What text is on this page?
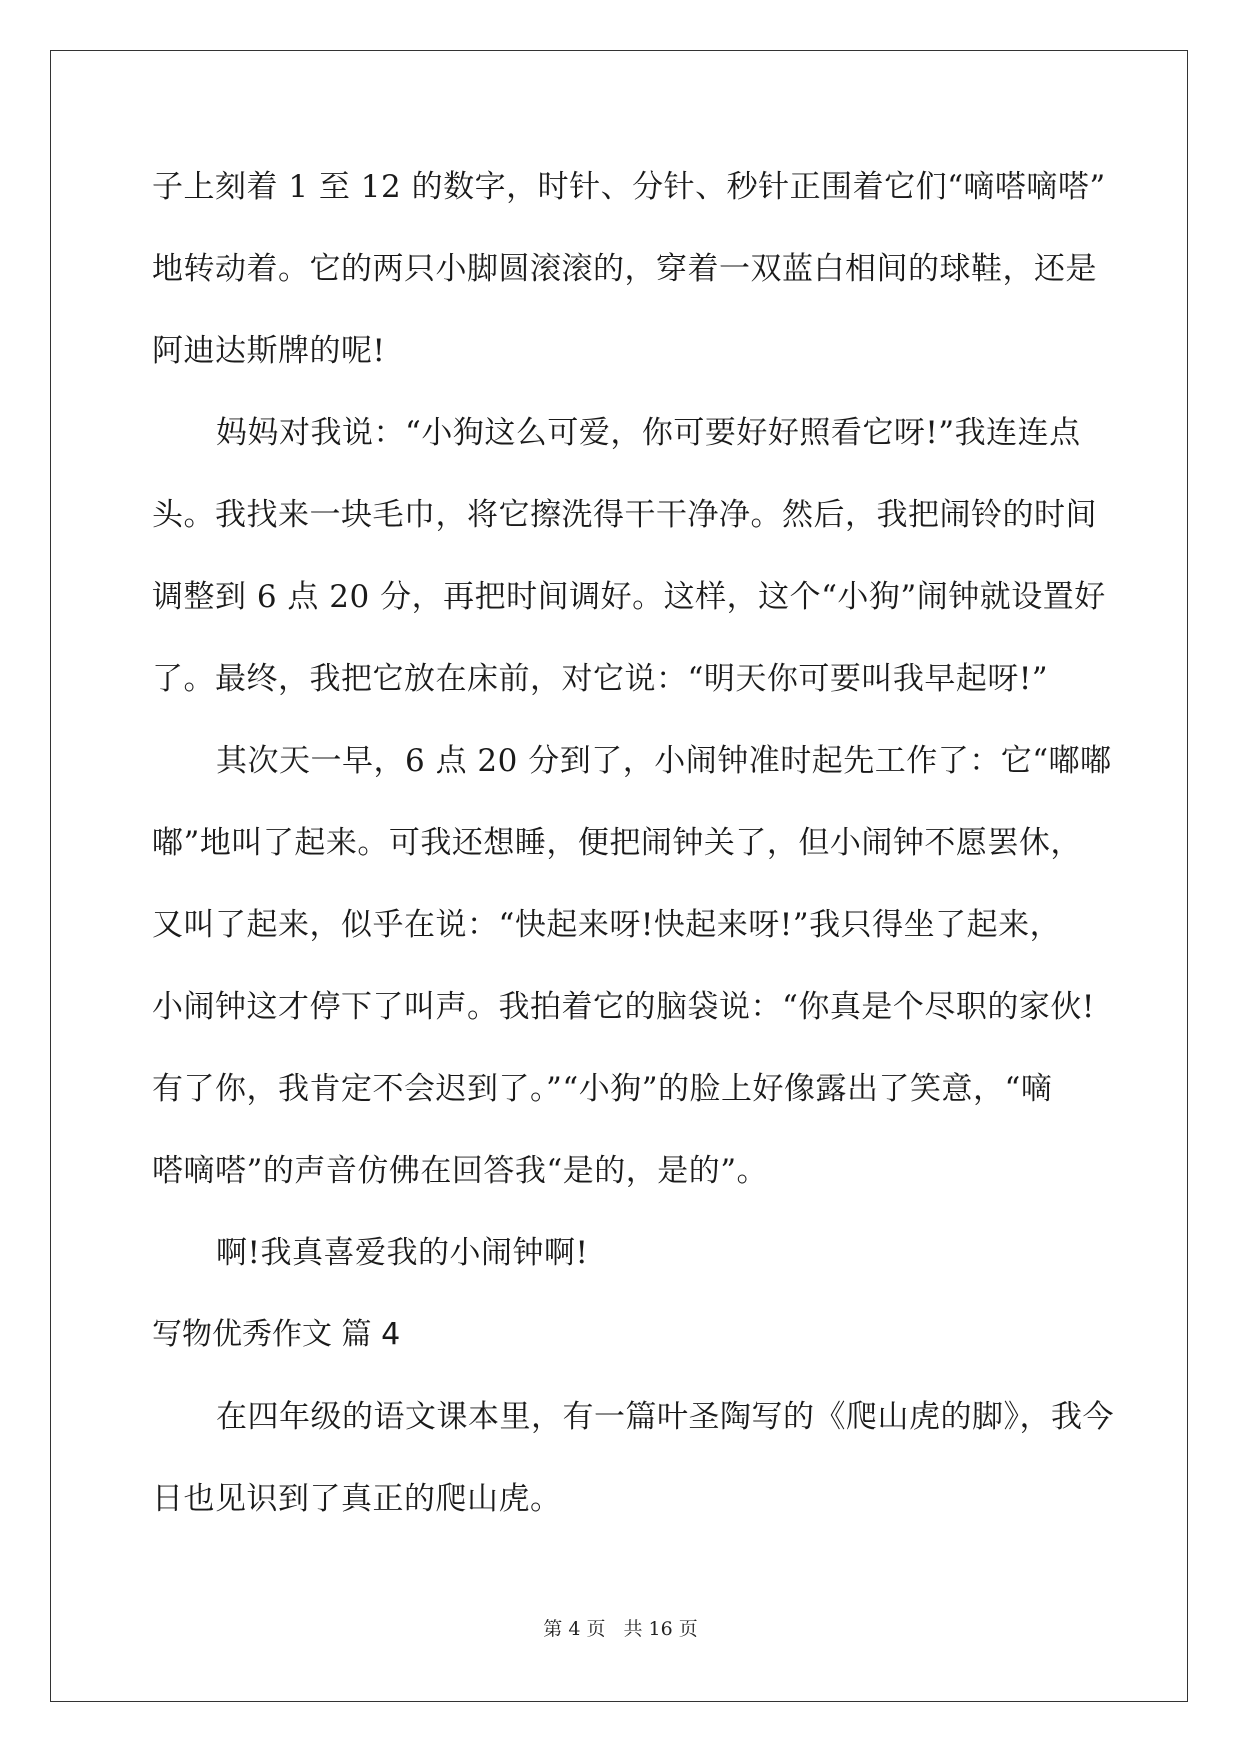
子上刻着 1 至 12 的数字，时针、分针、秒针正围着它们“嘀嗒嘀嗒”
地转动着。它的两只小脚圆滚滚的，穿着一双蓝白相间的球鞋，还是
阿迪达斯牌的呢!
妈妈对我说：“小狗这么可爱，你可要好好照看它呀!”我连连点
头。我找来一块毛巾，将它擦洗得干干净净。然后，我把闹铃的时间
调整到 6 点 20 分，再把时间调好。这样，这个“小狗”闹钟就设置好
了。最终，我把它放在床前，对它说：“明天你可要叫我早起呀!”
其次天一早，6 点 20 分到了，小闹钟准时起先工作了：它“嘟嘟
嘟”地叫了起来。可我还想睡，便把闹钟关了，但小闹钟不愿罢休，
又叫了起来，似乎在说：“快起来呀!快起来呀!”我只得坐了起来，
小闹钟这才停下了叫声。我拍着它的脑袋说：“你真是个尽职的家伙!
有了你，我肯定不会迟到了。”“小狗”的脸上好像露出了笑意，“嘀
嗒嘀嗒”的声音仿佛在回答我“是的，是的”。
啊!我真喜爱我的小闹钟啊!
写物优秀作文 篇 4
在四年级的语文课本里，有一篇叶圣陶写的《爬山虎的脚》，我今
日也见识到了真正的爬山虎。
第 4 页 共 16 页
